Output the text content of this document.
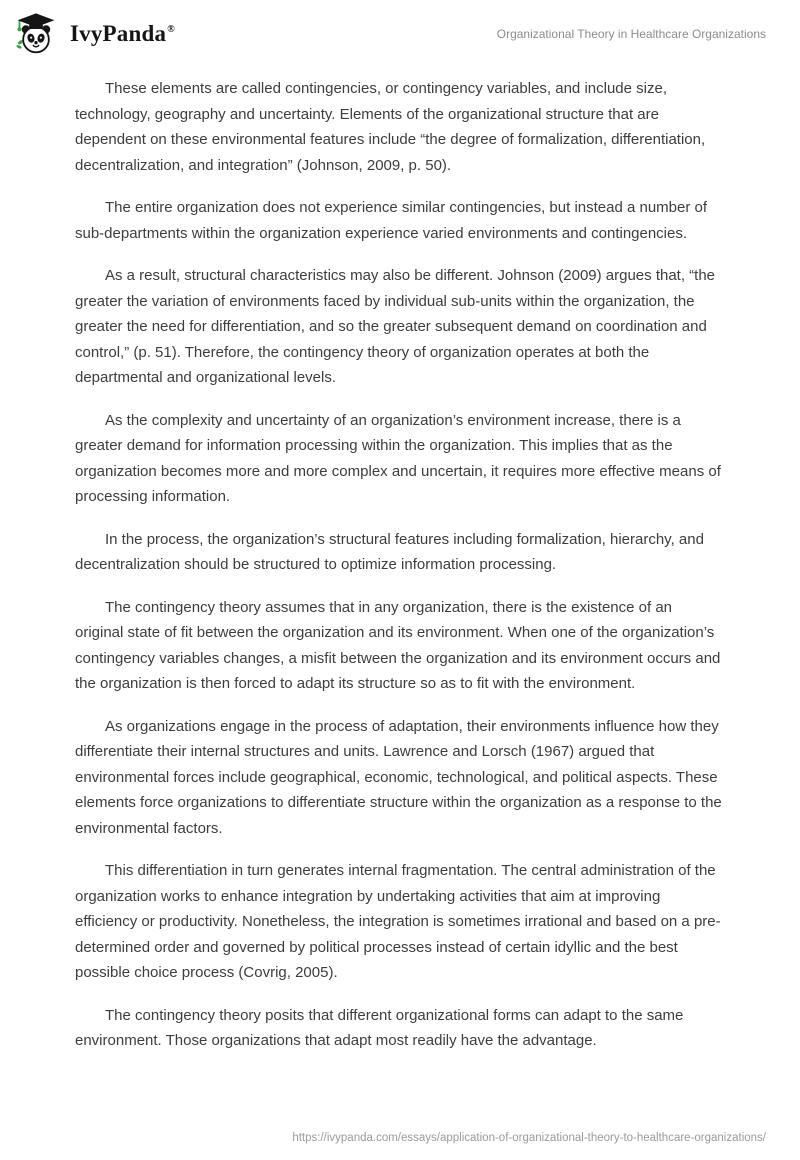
IvyPanda®	Organizational Theory in Healthcare Organizations

These elements are called contingencies, or contingency variables, and include size, technology, geography and uncertainty. Elements of the organizational structure that are dependent on these environmental features include “the degree of formalization, differentiation, decentralization, and integration” (Johnson, 2009, p. 50).

The entire organization does not experience similar contingencies, but instead a number of sub-departments within the organization experience varied environments and contingencies.

As a result, structural characteristics may also be different. Johnson (2009) argues that, “the greater the variation of environments faced by individual sub-units within the organization, the greater the need for differentiation, and so the greater subsequent demand on coordination and control,” (p. 51). Therefore, the contingency theory of organization operates at both the departmental and organizational levels.

As the complexity and uncertainty of an organization’s environment increase, there is a greater demand for information processing within the organization. This implies that as the organization becomes more and more complex and uncertain, it requires more effective means of processing information.

In the process, the organization’s structural features including formalization, hierarchy, and decentralization should be structured to optimize information processing.

The contingency theory assumes that in any organization, there is the existence of an original state of fit between the organization and its environment. When one of the organization’s contingency variables changes, a misfit between the organization and its environment occurs and the organization is then forced to adapt its structure so as to fit with the environment.

As organizations engage in the process of adaptation, their environments influence how they differentiate their internal structures and units. Lawrence and Lorsch (1967) argued that environmental forces include geographical, economic, technological, and political aspects. These elements force organizations to differentiate structure within the organization as a response to the environmental factors.

This differentiation in turn generates internal fragmentation. The central administration of the organization works to enhance integration by undertaking activities that aim at improving efficiency or productivity. Nonetheless, the integration is sometimes irrational and based on a pre-determined order and governed by political processes instead of certain idyllic and the best possible choice process (Covrig, 2005).

The contingency theory posits that different organizational forms can adapt to the same environment. Those organizations that adapt most readily have the advantage.

https://ivypanda.com/essays/application-of-organizational-theory-to-healthcare-organizations/
